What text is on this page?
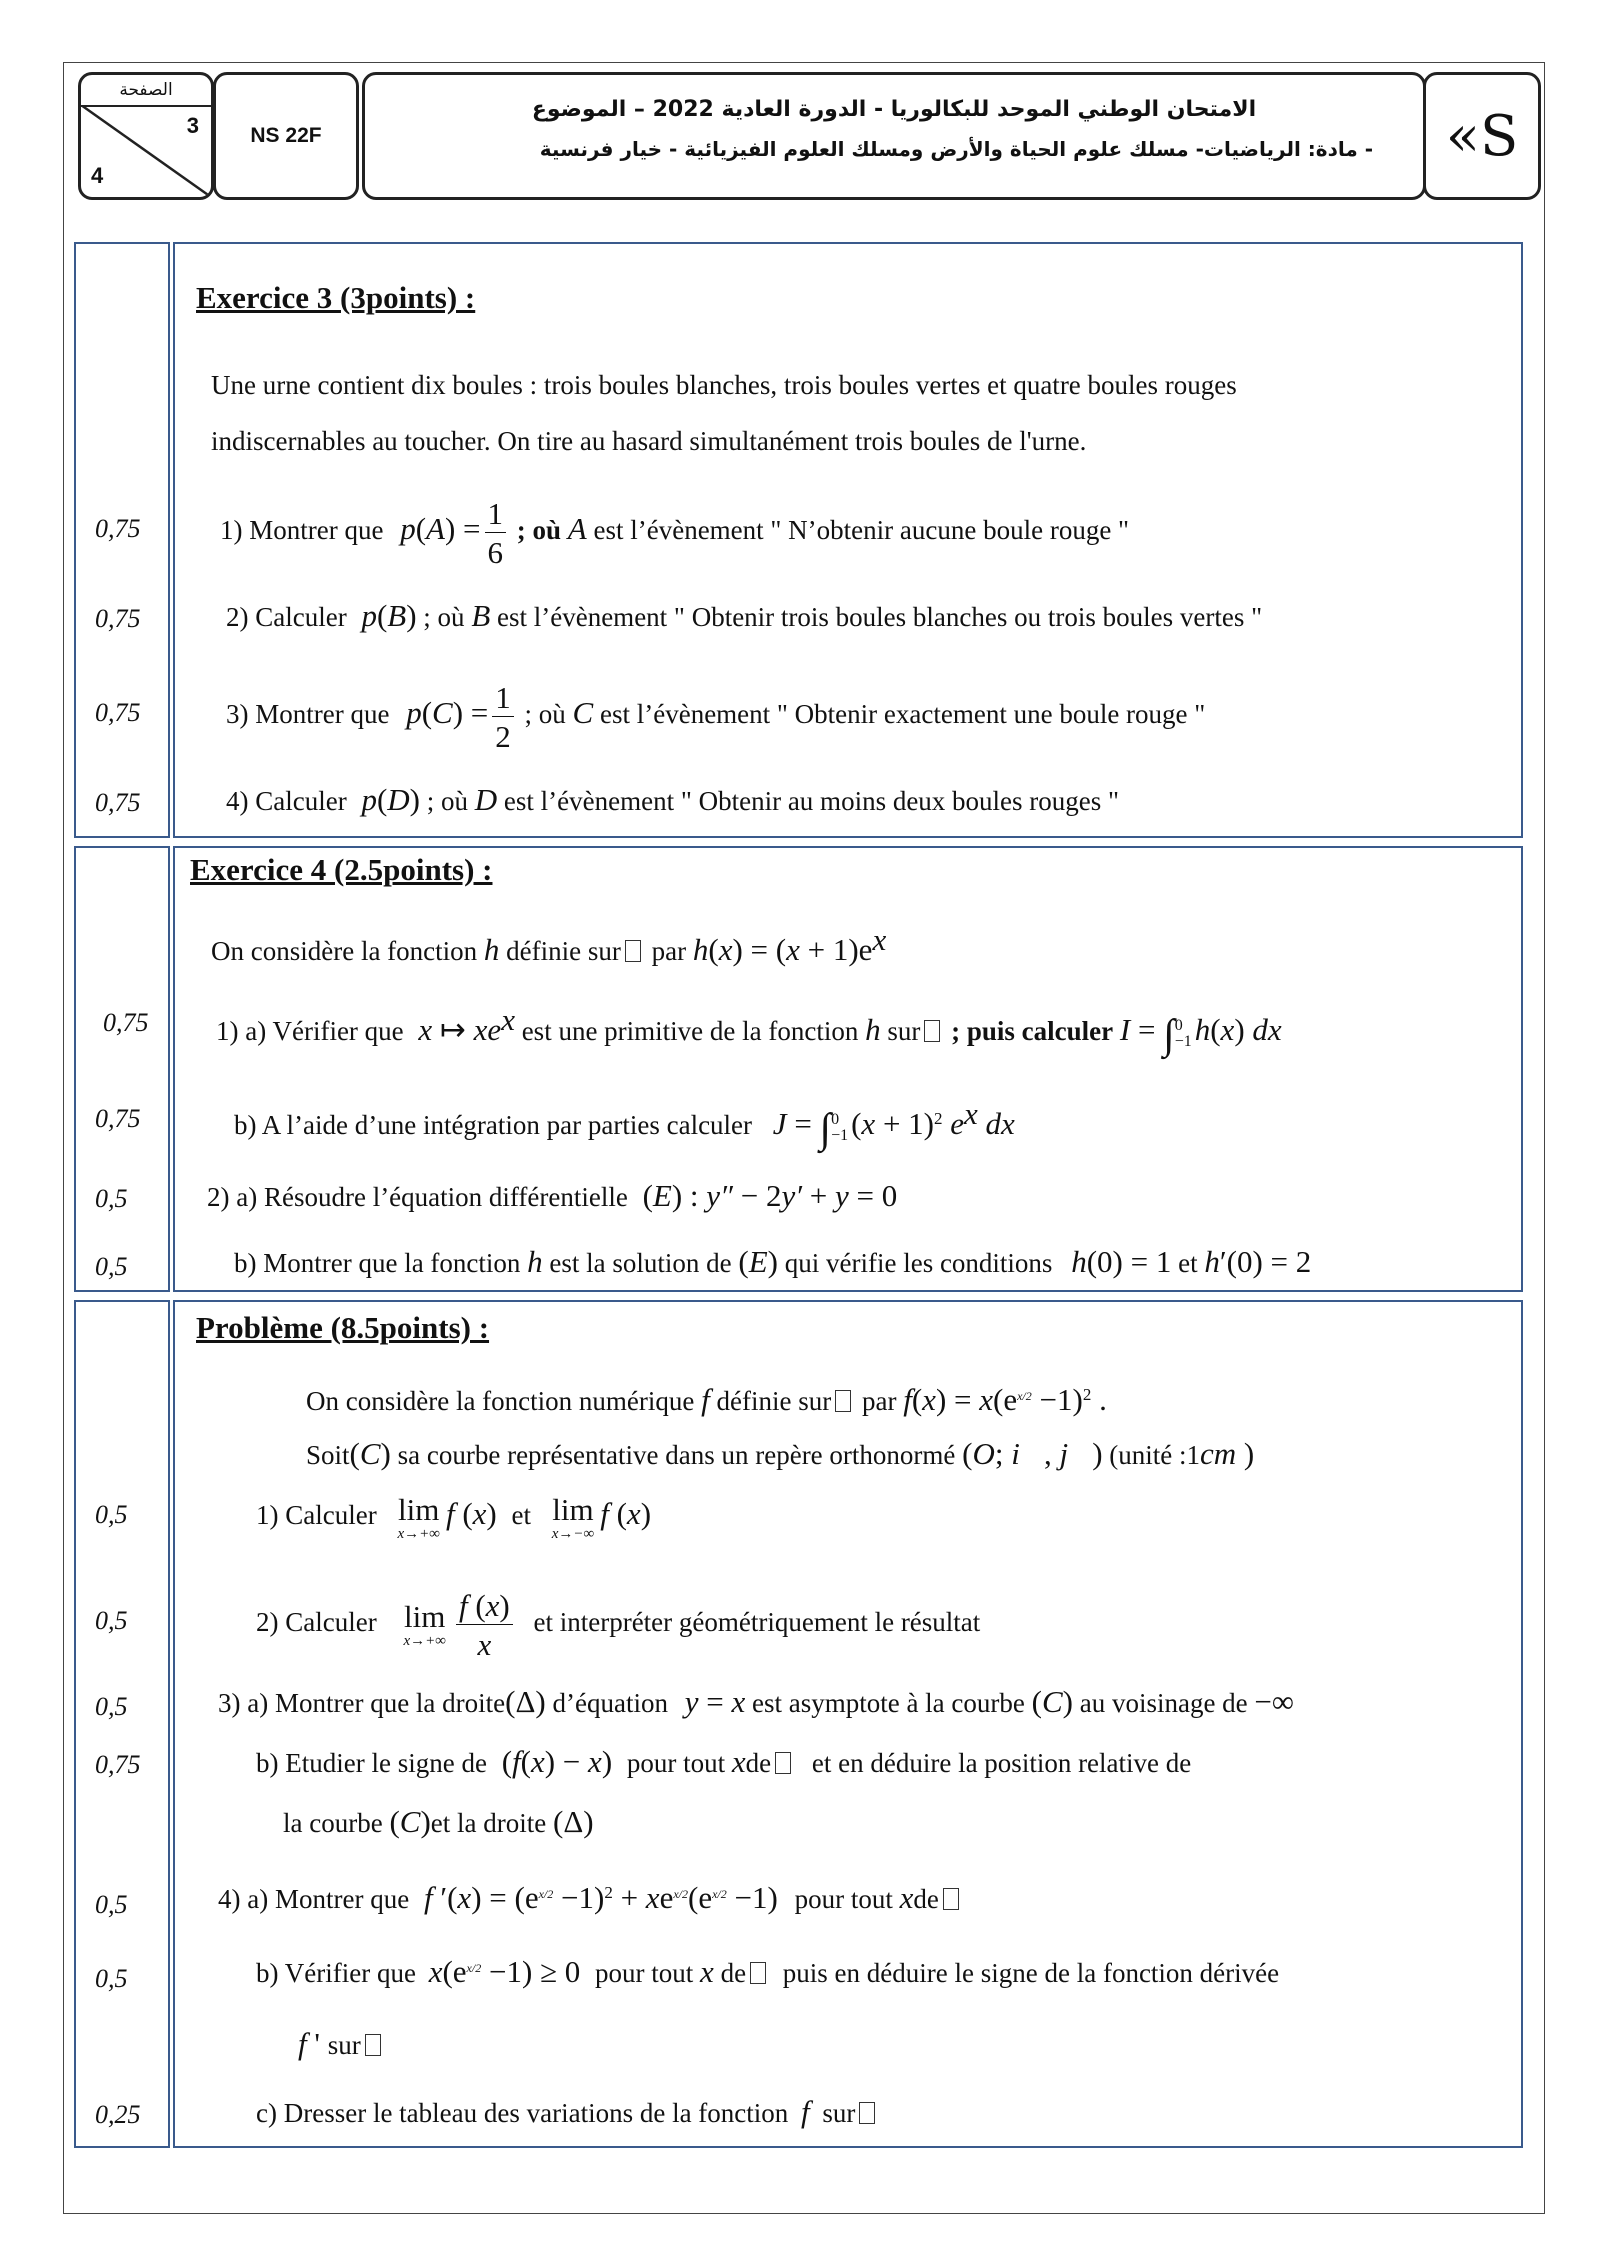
الصفحة
3
4
NS 22F
الامتحان الوطني الموحد للبكالوريا - الدورة العادية 2022 – الموضوع
- مادة: الرياضيات- مسلك علوم الحياة والأرض ومسلك العلوم الفيزيائية - خيار فرنسية	«S
Exercice 3 (3points) :
Une urne contient dix boules : trois boules blanches, trois boules vertes et quatre boules rouges
indiscernables au toucher. On tire au hasard simultanément trois boules de l'urne.
0,75	1) Montrer que $p(A) = \frac{1}{6}$ ; où A est l’évènement " N’obtenir aucune boule rouge "
0,75	2) Calculer p(B) ; où B est l’évènement " Obtenir trois boules blanches ou trois boules vertes "
0,75	3) Montrer que $p(C) = \frac{1}{2}$ ; où C est l’évènement " Obtenir exactement une boule rouge "
0,75	4) Calculer p(D) ; où D est l’évènement " Obtenir au moins deux boules rouges "
Exercice 4 (2.5points) :
On considère la fonction h définie sur par $h(x) = (x + 1)e^x$
0,75	1) a) Vérifier que x ↦ $xe^x$ est une primitive de la fonction h sur ; puis calculer I = ∫ 0
−1 h(x) dx
0,75	b) A l’aide d’une intégration par parties calculer J = ∫ 0
−1 $(x + 1)^2$ $e^x$ dx
0,5	2) a) Résoudre l’équation différentielle (E) : y″ − 2y′ + y = 0
0,5	b) Montrer que la fonction h est la solution de (E) qui vérifie les conditions h(0) = 1 et h′(0) = 2
Problème (8.5points) :
On considère la fonction numérique f définie sur par $f(x) = x(e^{x/2} -1)^2$ .
Soit(C) sa courbe représentative dans un repère orthonormé (O; i⃗, j⃗) (unité :1cm )
0,5	1) Calculer lim
x→+∞
f (x) et lim
x→−∞
f (x)
0,5	2) Calculer lim
$x\to+\infty \frac{f (x)}{x}$ et interpréter géométriquement le résultat
0,5	3) a) Montrer que la droite(Δ) d’équation y = x est asymptote à la courbe (C) au voisinage de −∞
0,75	b) Etudier le signe de (f(x) − x) pour tout xde et en déduire la position relative de
la courbe (C)et la droite (Δ)
0,5	4) a) Montrer que f $'(x) = (e^{x/2} -1)^2 + xe^{x/2}(e^{x/2} -1)$ pour tout xde
0,5	b) Vérifier que $x(e^{x/2} -1) \ge 0$ pour tout x de puis en déduire le signe de la fonction dérivée
f ' sur
0,25	c) Dresser le tableau des variations de la fonction f sur
